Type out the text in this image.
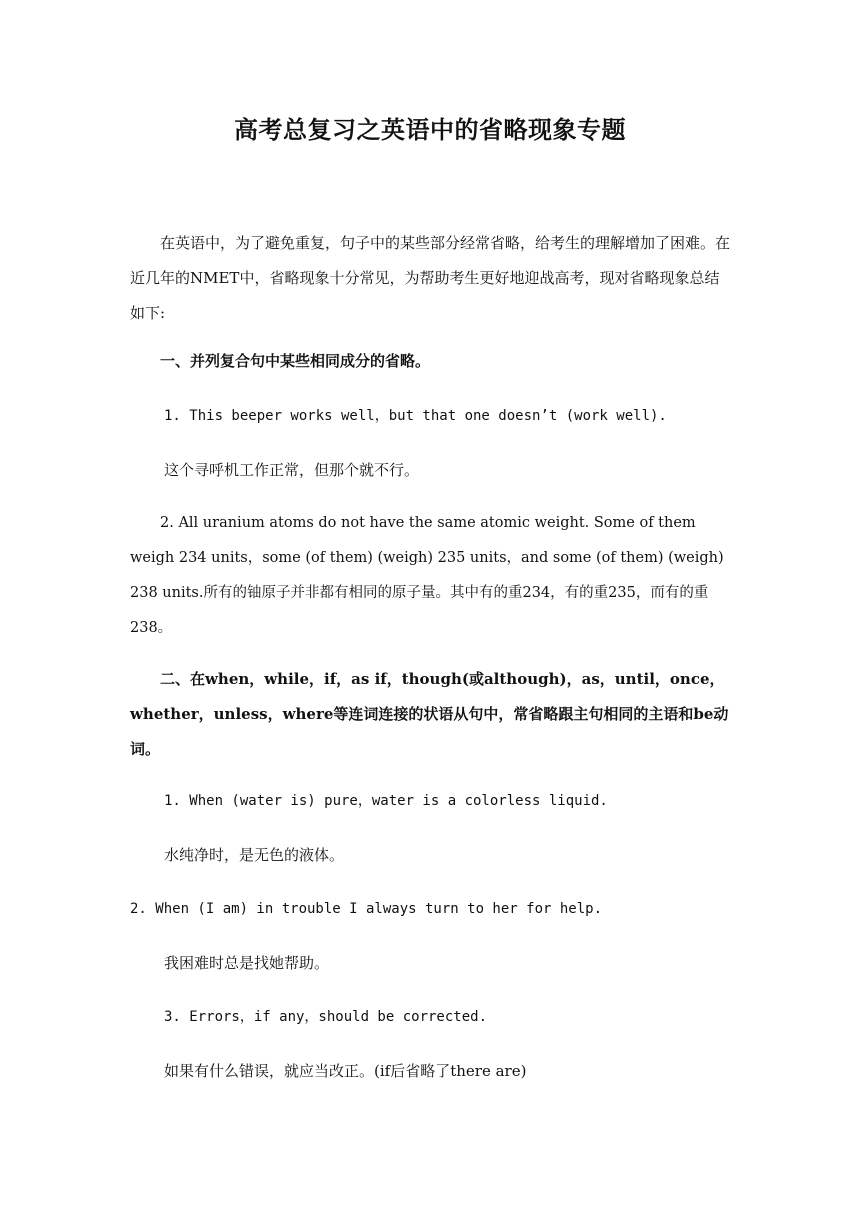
高考总复习之英语中的省略现象专题

在英语中，为了避免重复，句子中的某些部分经常省略，给考生的理解增加了困难。在近几年的NMET中，省略现象十分常见，为帮助考生更好地迎战高考，现对省略现象总结如下:

一、并列复合句中某些相同成分的省略。

1. This beeper works well，but that one doesn’t (work well).

这个寻呼机工作正常，但那个就不行。

2. All uranium atoms do not have the same atomic weight. Some of them weigh 234 units，some (of them) (weigh) 235 units，and some (of them) (weigh) 238 units.所有的铀原子并非都有相同的原子量。其中有的重234，有的重235，而有的重238。

二、在when，while，if，as if，though(或although)，as，until，once，whether，unless，where等连词连接的状语从句中，常省略跟主句相同的主语和be动词。

1. When (water is) pure，water is a colorless liquid.

水纯净时，是无色的液体。

2. When (I am) in trouble I always turn to her for help.

我困难时总是找她帮助。

3. Errors，if any，should be corrected.

如果有什么错误，就应当改正。(if后省略了there are)
